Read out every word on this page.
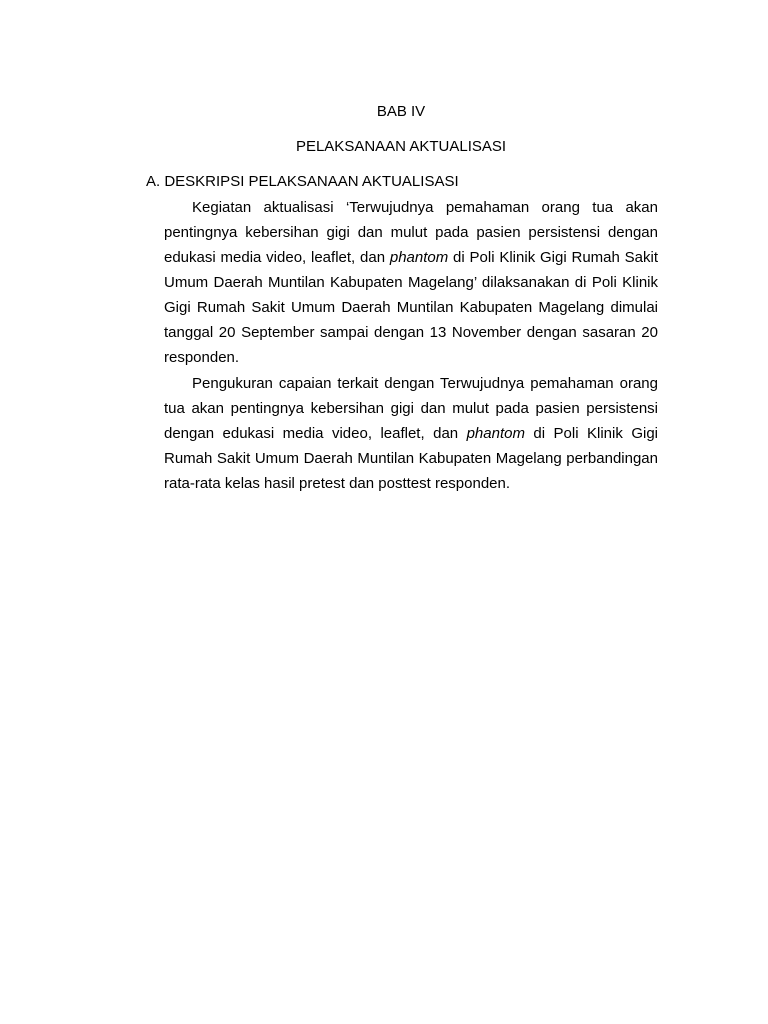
BAB IV
PELAKSANAAN AKTUALISASI
A. DESKRIPSI PELAKSANAAN AKTUALISASI

Kegiatan aktualisasi ‘Terwujudnya pemahaman orang tua akan pentingnya kebersihan gigi dan mulut pada pasien persistensi dengan edukasi media video, leaflet, dan phantom di Poli Klinik Gigi Rumah Sakit Umum Daerah Muntilan Kabupaten Magelang’ dilaksanakan di Poli Klinik Gigi Rumah Sakit Umum Daerah Muntilan Kabupaten Magelang dimulai tanggal 20 September sampai dengan 13 November dengan sasaran 20 responden.

Pengukuran capaian terkait dengan Terwujudnya pemahaman orang tua akan pentingnya kebersihan gigi dan mulut pada pasien persistensi dengan edukasi media video, leaflet, dan phantom di Poli Klinik Gigi Rumah Sakit Umum Daerah Muntilan Kabupaten Magelang perbandingan rata-rata kelas hasil pretest dan posttest responden.
